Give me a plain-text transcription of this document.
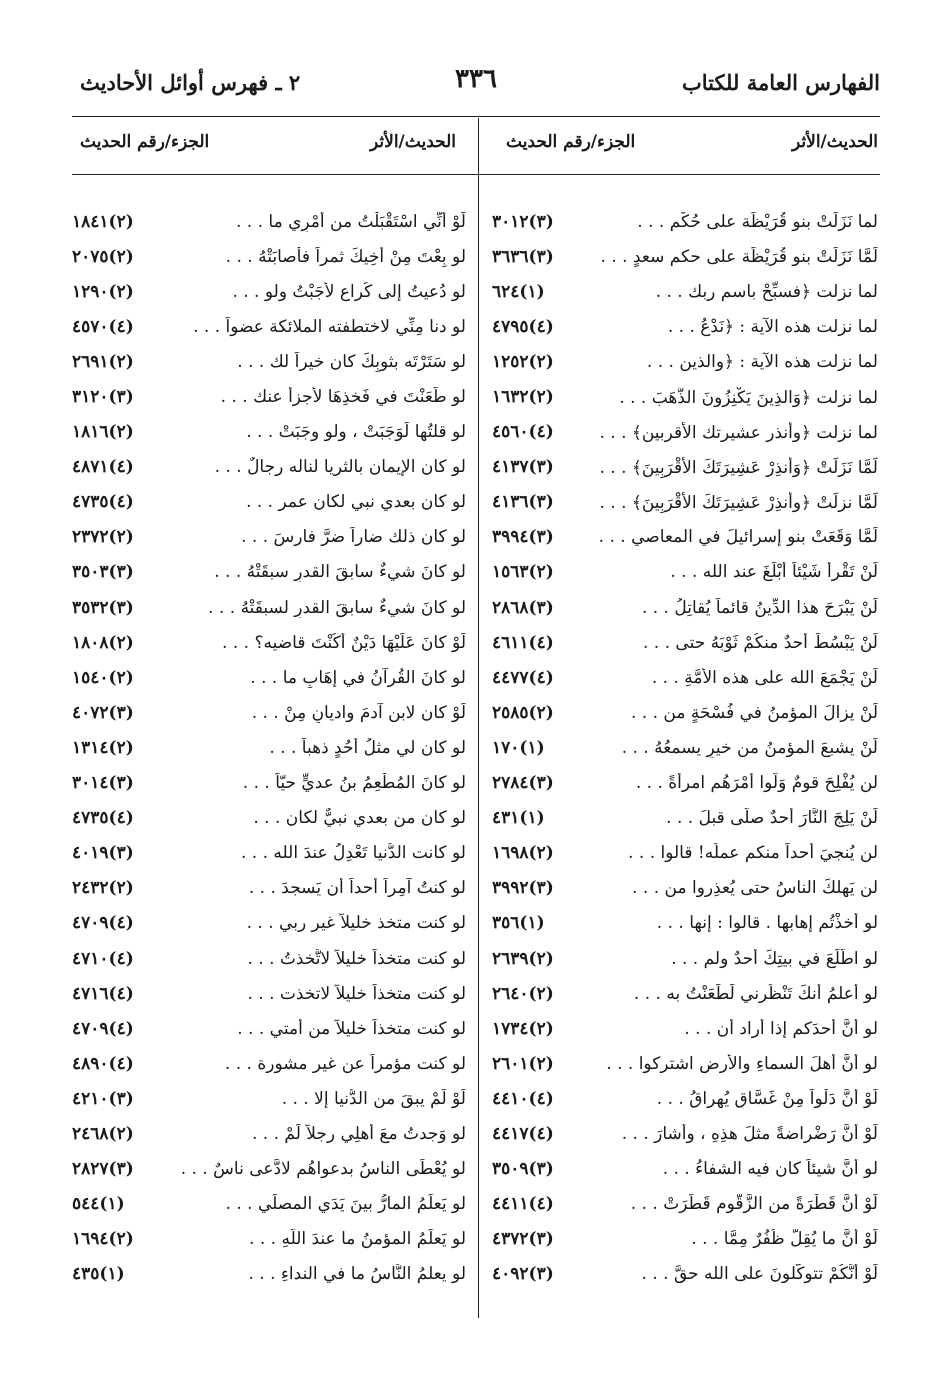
الفهارس العامة للكتاب
٣٣٦
٢ ـ فهرس أوائل الأحاديث
الحديث/الأثر
الجزء/رقم الحديث
الحديث/الأثر
الجزء/رقم الحديث
لما نَزَلَتْ بنو قُرَيْظَة على حُكْمِ . . .
(٣)٣٠١٢
لَمَّا نَزَلَتْ بنو قُرَيْظَة على حكم سعدٍ . . .
(٣)٣٦٣٦
لما نزلت ﴿فسبِّحْ باسم ربك . . .
(١)٦٢٤
لما نزلت هذه الآية : ﴿نَدْعُ . . .
(٤)٤٧٩٥
لما نزلت هذه الآية : ﴿والذين . . .
(٢)١٢٥٢
لما نزلت ﴿وَالذِينَ يَكْنِزُونَ الذَّهَبَ . . .
(٢)١٦٣٢
لما نزلت ﴿وأنذر عشيرتك الأقربين﴾ . . .
(٤)٤٥٦٠
لَمَّا نَزَلَتْ ﴿وَأَنذِرْ عَشِيرَتَكَ الأَقْرَبِينَ﴾ . . .
(٣)٤١٣٧
لَمَّا نزلَتْ ﴿وأنذِرْ عَشِيرَتَكَ الأَقْرَبِينَ﴾ . . .
(٣)٤١٣٦
لَمَّا وَقَعَتْ بنو إسرائيلَ في المعاصي . . .
(٣)٣٩٩٤
لَنْ تَقْرأ شَيْئاً أَبْلَغَ عند الله . . .
(٢)١٥٦٣
لَنْ يَبْرَحَ هذا الدِّينُ قائماً يُقاتِلُ . . .
(٣)٢٨٦٨
لَنْ يَبْسُطَ أَحدٌ منكُمْ ثَوْبَهُ حتى . . .
(٤)٤٦١١
لَنْ يَجْمَعَ الله على هذه الأُمَّةِ . . .
(٤)٤٤٧٧
لَنْ يزالَ المؤمنُ في فُسْحَةٍ من . . .
(٢)٢٥٨٥
لَنْ يشبعَ المؤمنُ من خيرٍ يسمعُهُ . . .
(١)١٧٠
لن يُفْلِحَ قومٌ وَلَّوا أَمْرَهُم امرأةً . . .
(٣)٢٧٨٤
لَنْ يَلِجَ النَّارَ أحدٌ صلَّى قبلَ . . .
(١)٤٣١
لن يُنجيَ أحداً منكم عملُه! قالوا . . .
(٢)١٦٩٨
لن يَهلكَ الناسُ حتى يُعذِروا من . . .
(٣)٣٩٩٢
لو أخذْتُم إهابها . قالوا : إنها . . .
(١)٣٥٦
لو اطَّلَعَ في بيتِكَ أحدٌ ولم . . .
(٢)٢٦٣٩
لو أعلمُ أنكَ تَنْظُرني لَطَعَنْتُ به . . .
(٢)٢٦٤٠
لو أنَّ أحدَكم إذا أراد أن . . .
(٢)١٧٣٤
لو أنَّ أهلَ السماءِ والأرضِ اشتركوا . . .
(٢)٢٦٠١
لَوْ أنَّ دَلْواً مِنْ غَسَّاقٍ يُهراقُ . . .
(٤)٤٤١٠
لَوْ أنَّ رَضْراضةً مثلَ هذِهِ ، وأشارَ . . .
(٤)٤٤١٧
لو أنَّ شيئاً كان فيه الشفاءُ . . .
(٣)٣٥٠٩
لَوْ أنَّ قَطْرَةً من الزَّقُّومِ قَطَرَتْ . . .
(٤)٤٤١١
لَوْ أنَّ ما يُقِلُّ ظُفُرٌ مِمَّا . . .
(٣)٤٣٧٢
لَوْ أنَّكُمْ تتوكَّلونَ على الله حقَّ . . .
(٣)٤٠٩٢
لَوْ أنِّي اسْتَقْبَلْتُ من أَمْرِي ما . . .
(٢)١٨٤١
لو بِعْتَ مِنْ أخِيكَ ثمراً فأصابَتْهُ . . .
(٢)٢٠٧٥
لو دُعيتُ إلى كُراعٍ لأجَبْتُ ولو . . .
(٢)١٢٩٠
لو دنا مِنِّي لاختطفته الملائكة عضواً . . .
(٤)٤٥٧٠
لو سَتَرْتَه بثوبِكَ كان خيراً لك . . .
(٢)٢٦٩١
لو طَعَنْتَ في فَخذِهَا لأجزأَ عنك . . .
(٣)٣١٢٠
لو قلتُها لَوَجَبَتْ ، ولو وجَبَتْ . . .
(٢)١٨١٦
لو كان الإيمان بالثريا لناله رجالٌ . . .
(٤)٤٨٧١
لو كان بعدي نبي لكان عمر . . .
(٤)٤٧٣٥
لو كان ذلك ضاراً ضرَّ فارسَ . . .
(٢)٢٣٧٢
لو كانَ شيءٌ سابقَ القدرِ سبقَتْهُ . . .
(٣)٣٥٠٣
لو كانَ شيءٌ سابقَ القدرِ لسبقَتْهُ . . .
(٣)٣٥٣٢
لَوْ كانَ عَلَيْهَا دَيْنٌ أَكُنْتَ قاضيه؟ . . .
(٢)١٨٠٨
لو كانَ القُرآنُ في إهَابٍ ما . . .
(٢)١٥٤٠
لَوْ كان لابنِ آدمَ واديانِ مِنْ . . .
(٣)٤٠٧٢
لو كان لي مثلُ أُحُدٍ ذهباً . . .
(٢)١٣١٤
لو كانَ المُطْعِمُ بنُ عديٍّ حيّاً . . .
(٣)٣٠١٤
لو كان من بعدي نبيٌّ لكان . . .
(٤)٤٧٣٥
لو كانت الدُّنيا تَعْدِلُ عندَ الله . . .
(٣)٤٠١٩
لو كنتُ آمِراً أحداً أن يَسجدَ . . .
(٢)٢٤٣٢
لو كنت متخذ خليلاً غير ربي . . .
(٤)٤٧٠٩
لو كنت متخذاً خليلاً لاتَّخذتُ . . .
(٤)٤٧١٠
لو كنت متخذاً خليلاً لاتخذت . . .
(٤)٤٧١٦
لو كنت متخذاً خليلاً من أمتي . . .
(٤)٤٧٠٩
لو كنت مؤمراً عن غير مشورة . . .
(٤)٤٨٩٠
لَوْ لَمْ يبقَ من الدُّنيا إلا . . .
(٣)٤٢١٠
لو وَجدتُ معَ أهلِي رجلاً لَمْ . . .
(٢)٢٤٦٨
لو يُعْطَى الناسُ بدعواهُم لادَّعى ناسٌ . . .
(٣)٢٨٢٧
لو يَعلَمُ المارُّ بينَ يَدَيِ المصلِّي . . .
(١)٥٤٤
لو يَعلَمُ المؤمنُ ما عندَ اللّهِ . . .
(٢)١٦٩٤
لو يعلمُ النَّاسُ ما في النداءِ . . .
(١)٤٣٥
